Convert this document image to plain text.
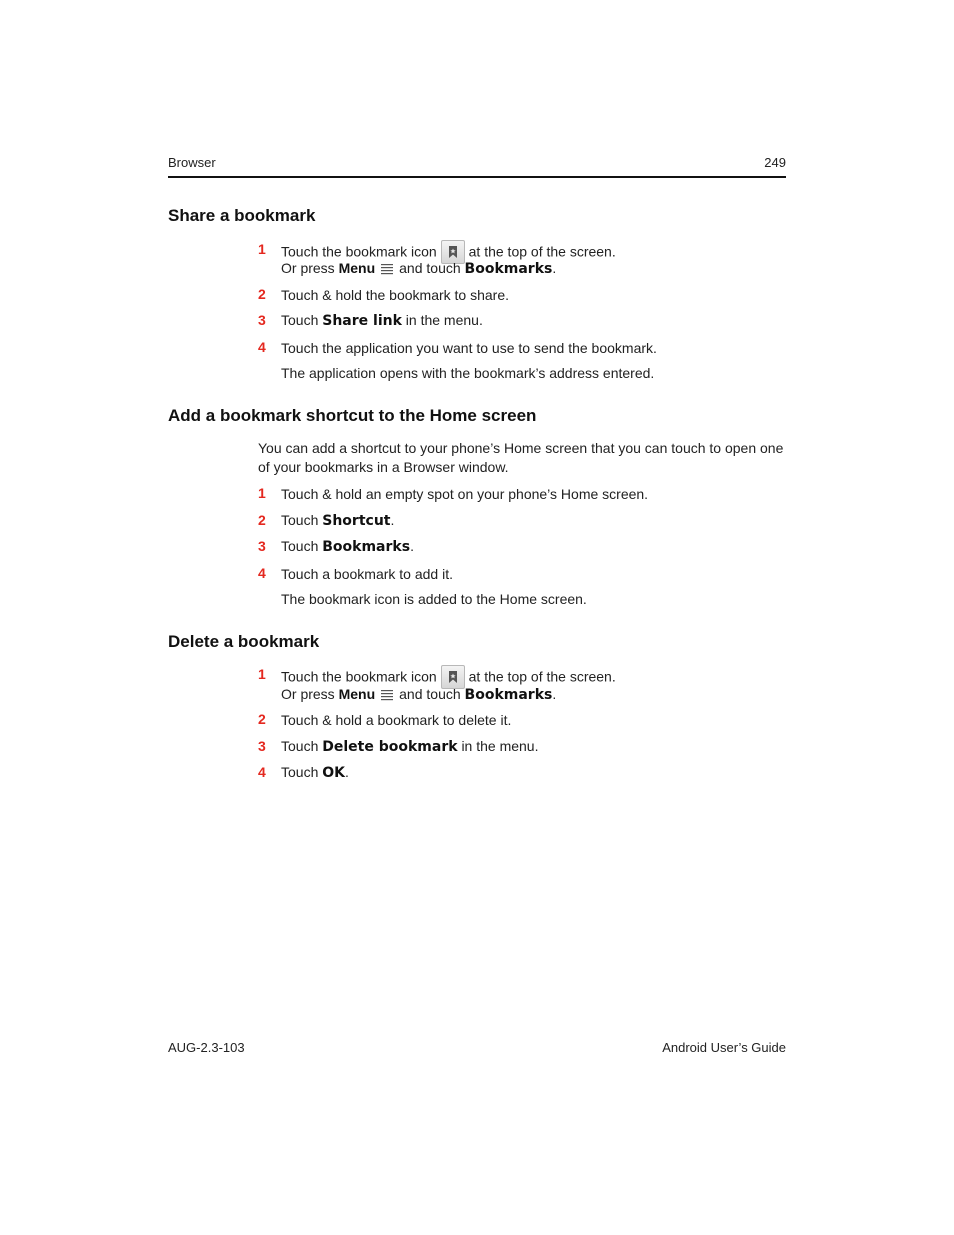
Browser	249
Share a bookmark
1 Touch the bookmark icon at the top of the screen.
Or press Menu and touch Bookmarks.
2 Touch & hold the bookmark to share.
3 Touch Share link in the menu.
4 Touch the application you want to use to send the bookmark.
The application opens with the bookmark’s address entered.
Add a bookmark shortcut to the Home screen
You can add a shortcut to your phone’s Home screen that you can touch to open one of your bookmarks in a Browser window.
1 Touch & hold an empty spot on your phone’s Home screen.
2 Touch Shortcut.
3 Touch Bookmarks.
4 Touch a bookmark to add it.
The bookmark icon is added to the Home screen.
Delete a bookmark
1 Touch the bookmark icon at the top of the screen.
Or press Menu and touch Bookmarks.
2 Touch & hold a bookmark to delete it.
3 Touch Delete bookmark in the menu.
4 Touch OK.
AUG-2.3-103	Android User’s Guide
